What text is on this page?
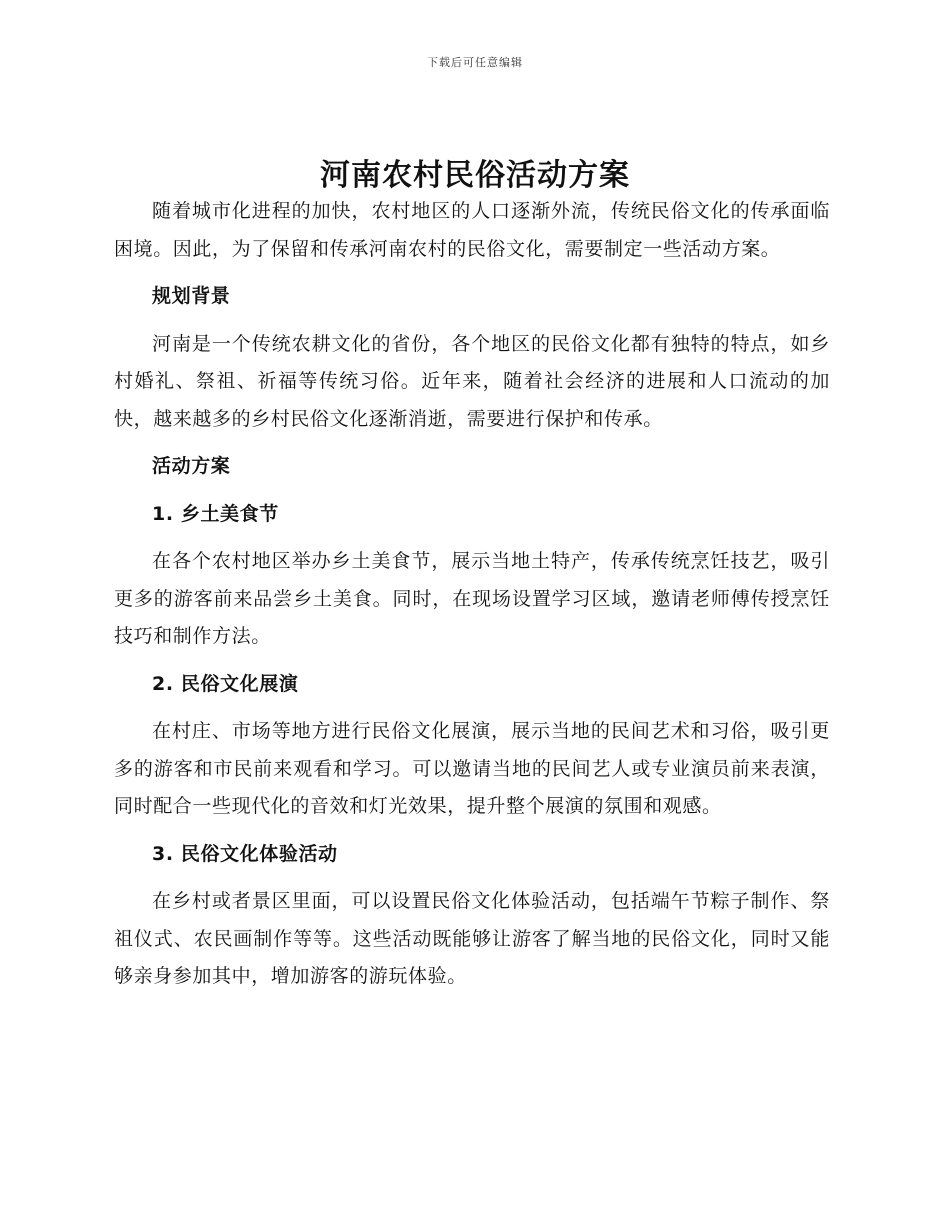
下载后可任意编辑
河南农村民俗活动方案

随着城市化进程的加快，农村地区的人口逐渐外流，传统民俗文化的传承面临困境。因此，为了保留和传承河南农村的民俗文化，需要制定一些活动方案。

规划背景

河南是一个传统农耕文化的省份，各个地区的民俗文化都有独特的特点，如乡村婚礼、祭祖、祈福等传统习俗。近年来，随着社会经济的进展和人口流动的加快，越来越多的乡村民俗文化逐渐消逝，需要进行保护和传承。

活动方案

1. 乡土美食节

在各个农村地区举办乡土美食节，展示当地土特产，传承传统烹饪技艺，吸引更多的游客前来品尝乡土美食。同时，在现场设置学习区域，邀请老师傅传授烹饪技巧和制作方法。

2. 民俗文化展演

在村庄、市场等地方进行民俗文化展演，展示当地的民间艺术和习俗，吸引更多的游客和市民前来观看和学习。可以邀请当地的民间艺人或专业演员前来表演，同时配合一些现代化的音效和灯光效果，提升整个展演的氛围和观感。

3. 民俗文化体验活动

在乡村或者景区里面，可以设置民俗文化体验活动，包括端午节粽子制作、祭祖仪式、农民画制作等等。这些活动既能够让游客了解当地的民俗文化，同时又能够亲身参加其中，增加游客的游玩体验。
